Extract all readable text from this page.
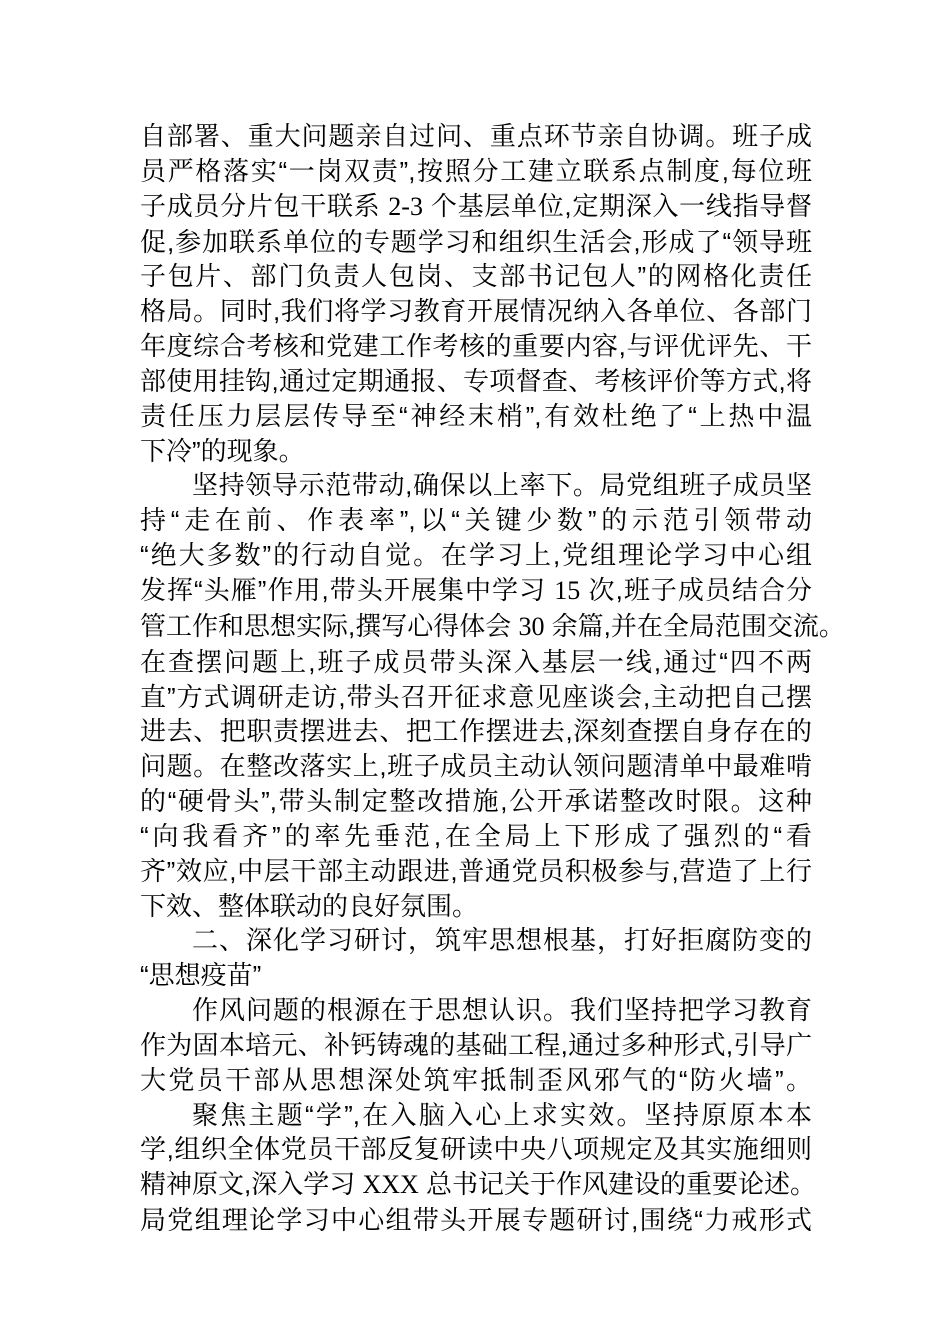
自部署、重大问题亲自过问、重点环节亲自协调。班子成
员严格落实“一岗双责”,按照分工建立联系点制度,每位班
子成员分片包干联系 2-3 个基层单位,定期深入一线指导督
促,参加联系单位的专题学习和组织生活会,形成了“领导班
子包片、部门负责人包岗、支部书记包人”的网格化责任
格局。同时,我们将学习教育开展情况纳入各单位、各部门
年度综合考核和党建工作考核的重要内容,与评优评先、干
部使用挂钩,通过定期通报、专项督查、考核评价等方式,将
责任压力层层传导至“神经末梢”,有效杜绝了“上热中温
下冷”的现象。
坚持领导示范带动,确保以上率下。局党组班子成员坚
持“走在前、作表率”,以“关键少数”的示范引领带动
“绝大多数”的行动自觉。在学习上,党组理论学习中心组
发挥“头雁”作用,带头开展集中学习 15 次,班子成员结合分
管工作和思想实际,撰写心得体会 30 余篇,并在全局范围交流。
在查摆问题上,班子成员带头深入基层一线,通过“四不两
直”方式调研走访,带头召开征求意见座谈会,主动把自己摆
进去、把职责摆进去、把工作摆进去,深刻查摆自身存在的
问题。在整改落实上,班子成员主动认领问题清单中最难啃
的“硬骨头”,带头制定整改措施,公开承诺整改时限。这种
“向我看齐”的率先垂范,在全局上下形成了强烈的“看
齐”效应,中层干部主动跟进,普通党员积极参与,营造了上行
下效、整体联动的良好氛围。
二、深化学习研讨，筑牢思想根基，打好拒腐防变的
“思想疫苗”
作风问题的根源在于思想认识。我们坚持把学习教育
作为固本培元、补钙铸魂的基础工程,通过多种形式,引导广
大党员干部从思想深处筑牢抵制歪风邪气的“防火墙”。
聚焦主题“学”,在入脑入心上求实效。坚持原原本本
学,组织全体党员干部反复研读中央八项规定及其实施细则
精神原文,深入学习 XXX 总书记关于作风建设的重要论述。
局党组理论学习中心组带头开展专题研讨,围绕“力戒形式
